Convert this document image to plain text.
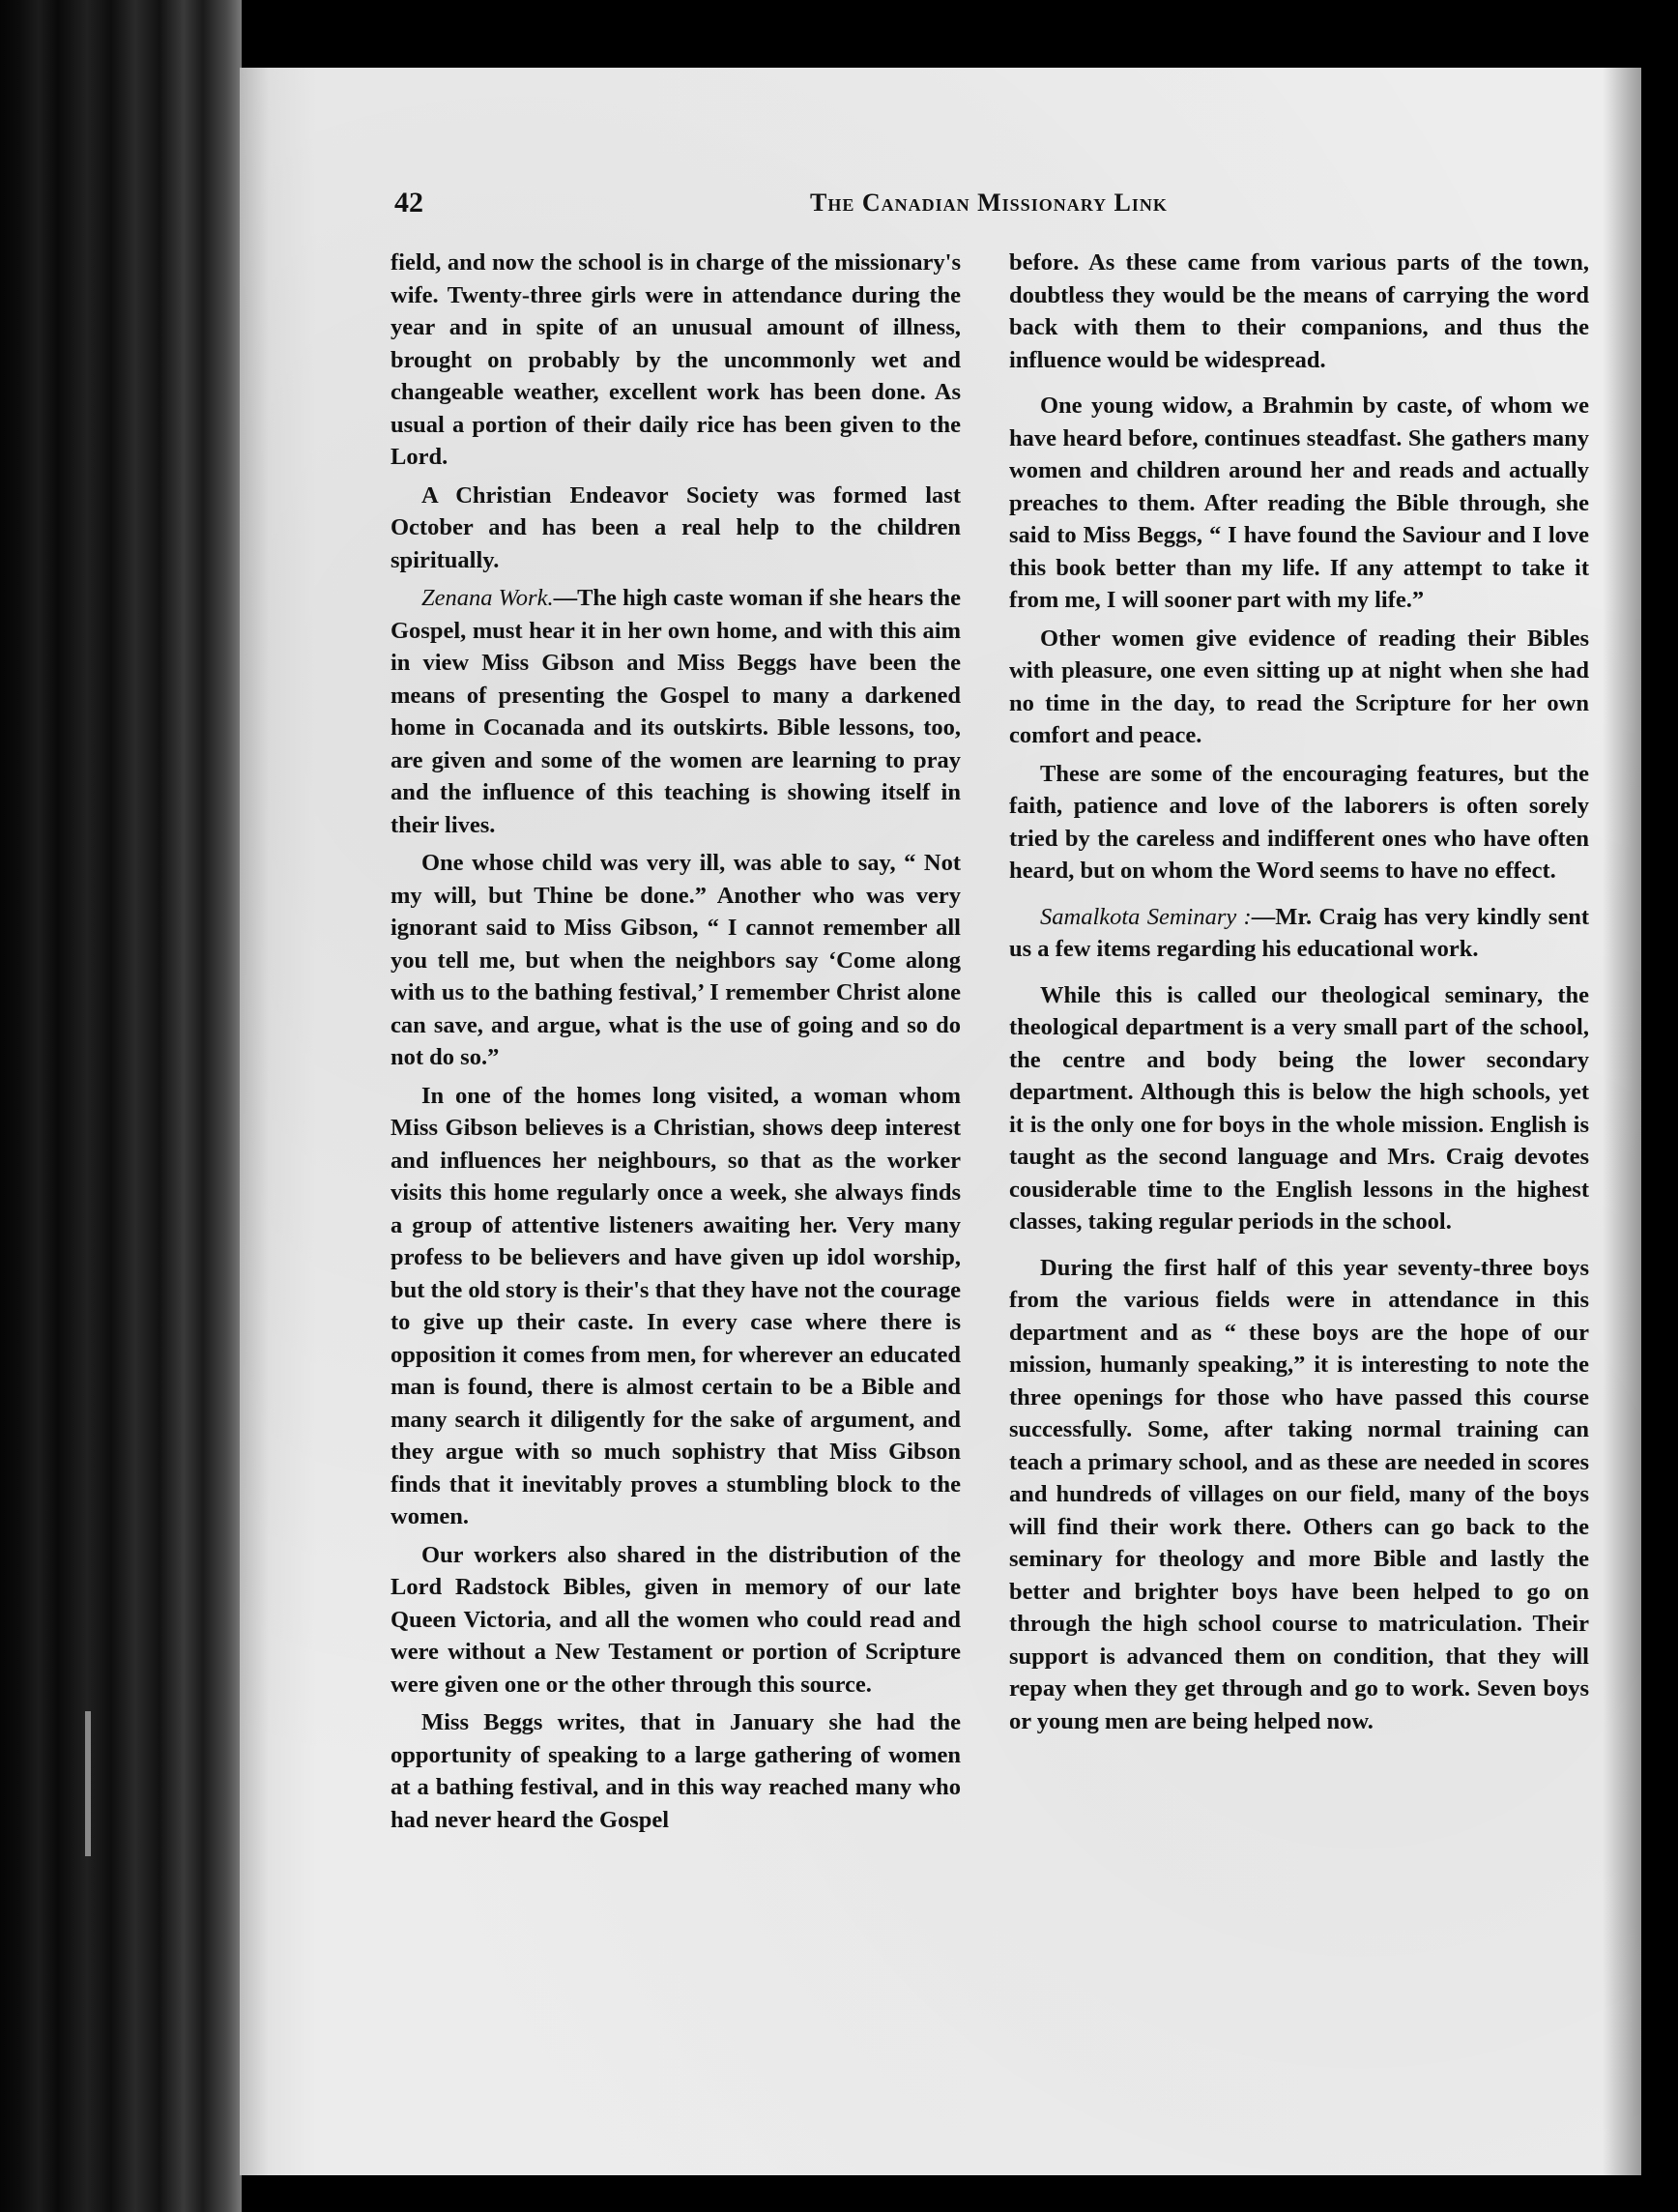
42	The Canadian Missionary Link

field, and now the school is in charge of the missionary's wife. Twenty-three girls were in attendance during the year and in spite of an unusual amount of illness, brought on probably by the uncommonly wet and changeable weather, excellent work has been done. As usual a portion of their daily rice has been given to the Lord.

A Christian Endeavor Society was formed last October and has been a real help to the children spiritually.

Zenana Work.—The high caste woman if she hears the Gospel, must hear it in her own home, and with this aim in view Miss Gibson and Miss Beggs have been the means of presenting the Gospel to many a darkened home in Cocanada and its outskirts. Bible lessons, too, are given and some of the women are learning to pray and the influence of this teaching is showing itself in their lives.

One whose child was very ill, was able to say, “ Not my will, but Thine be done.” Another who was very ignorant said to Miss Gibson, “ I cannot remember all you tell me, but when the neighbors say ‘Come along with us to the bathing festival,’ I remember Christ alone can save, and argue, what is the use of going and so do not do so.”

In one of the homes long visited, a woman whom Miss Gibson believes is a Christian, shows deep interest and influences her neighbours, so that as the worker visits this home regularly once a week, she always finds a group of attentive listeners awaiting her. Very many profess to be believers and have given up idol worship, but the old story is their's that they have not the courage to give up their caste. In every case where there is opposition it comes from men, for wherever an educated man is found, there is almost certain to be a Bible and many search it diligently for the sake of argument, and they argue with so much sophistry that Miss Gibson finds that it inevitably proves a stumbling block to the women.

Our workers also shared in the distribution of the Lord Radstock Bibles, given in memory of our late Queen Victoria, and all the women who could read and were without a New Testament or portion of Scripture were given one or the other through this source.

Miss Beggs writes, that in January she had the opportunity of speaking to a large gathering of women at a bathing festival, and in this way reached many who had never heard the Gospel

before. As these came from various parts of the town, doubtless they would be the means of carrying the word back with them to their companions, and thus the influence would be widespread.

One young widow, a Brahmin by caste, of whom we have heard before, continues steadfast. She gathers many women and children around her and reads and actually preaches to them. After reading the Bible through, she said to Miss Beggs, “ I have found the Saviour and I love this book better than my life. If any attempt to take it from me, I will sooner part with my life.”

Other women give evidence of reading their Bibles with pleasure, one even sitting up at night when she had no time in the day, to read the Scripture for her own comfort and peace.

These are some of the encouraging features, but the faith, patience and love of the laborers is often sorely tried by the careless and indifferent ones who have often heard, but on whom the Word seems to have no effect.

Samalkota Seminary :—Mr. Craig has very kindly sent us a few items regarding his educational work.

While this is called our theological seminary, the theological department is a very small part of the school, the centre and body being the lower secondary department. Although this is below the high schools, yet it is the only one for boys in the whole mission. English is taught as the second language and Mrs. Craig devotes cousiderable time to the English lessons in the highest classes, taking regular periods in the school.

During the first half of this year seventy-three boys from the various fields were in attendance in this department and as “ these boys are the hope of our mission, humanly speaking,” it is interesting to note the three openings for those who have passed this course successfully. Some, after taking normal training can teach a primary school, and as these are needed in scores and hundreds of villages on our field, many of the boys will find their work there. Others can go back to the seminary for theology and more Bible and lastly the better and brighter boys have been helped to go on through the high school course to matriculation. Their support is advanced them on condition, that they will repay when they get through and go to work. Seven boys or young men are being helped now.
